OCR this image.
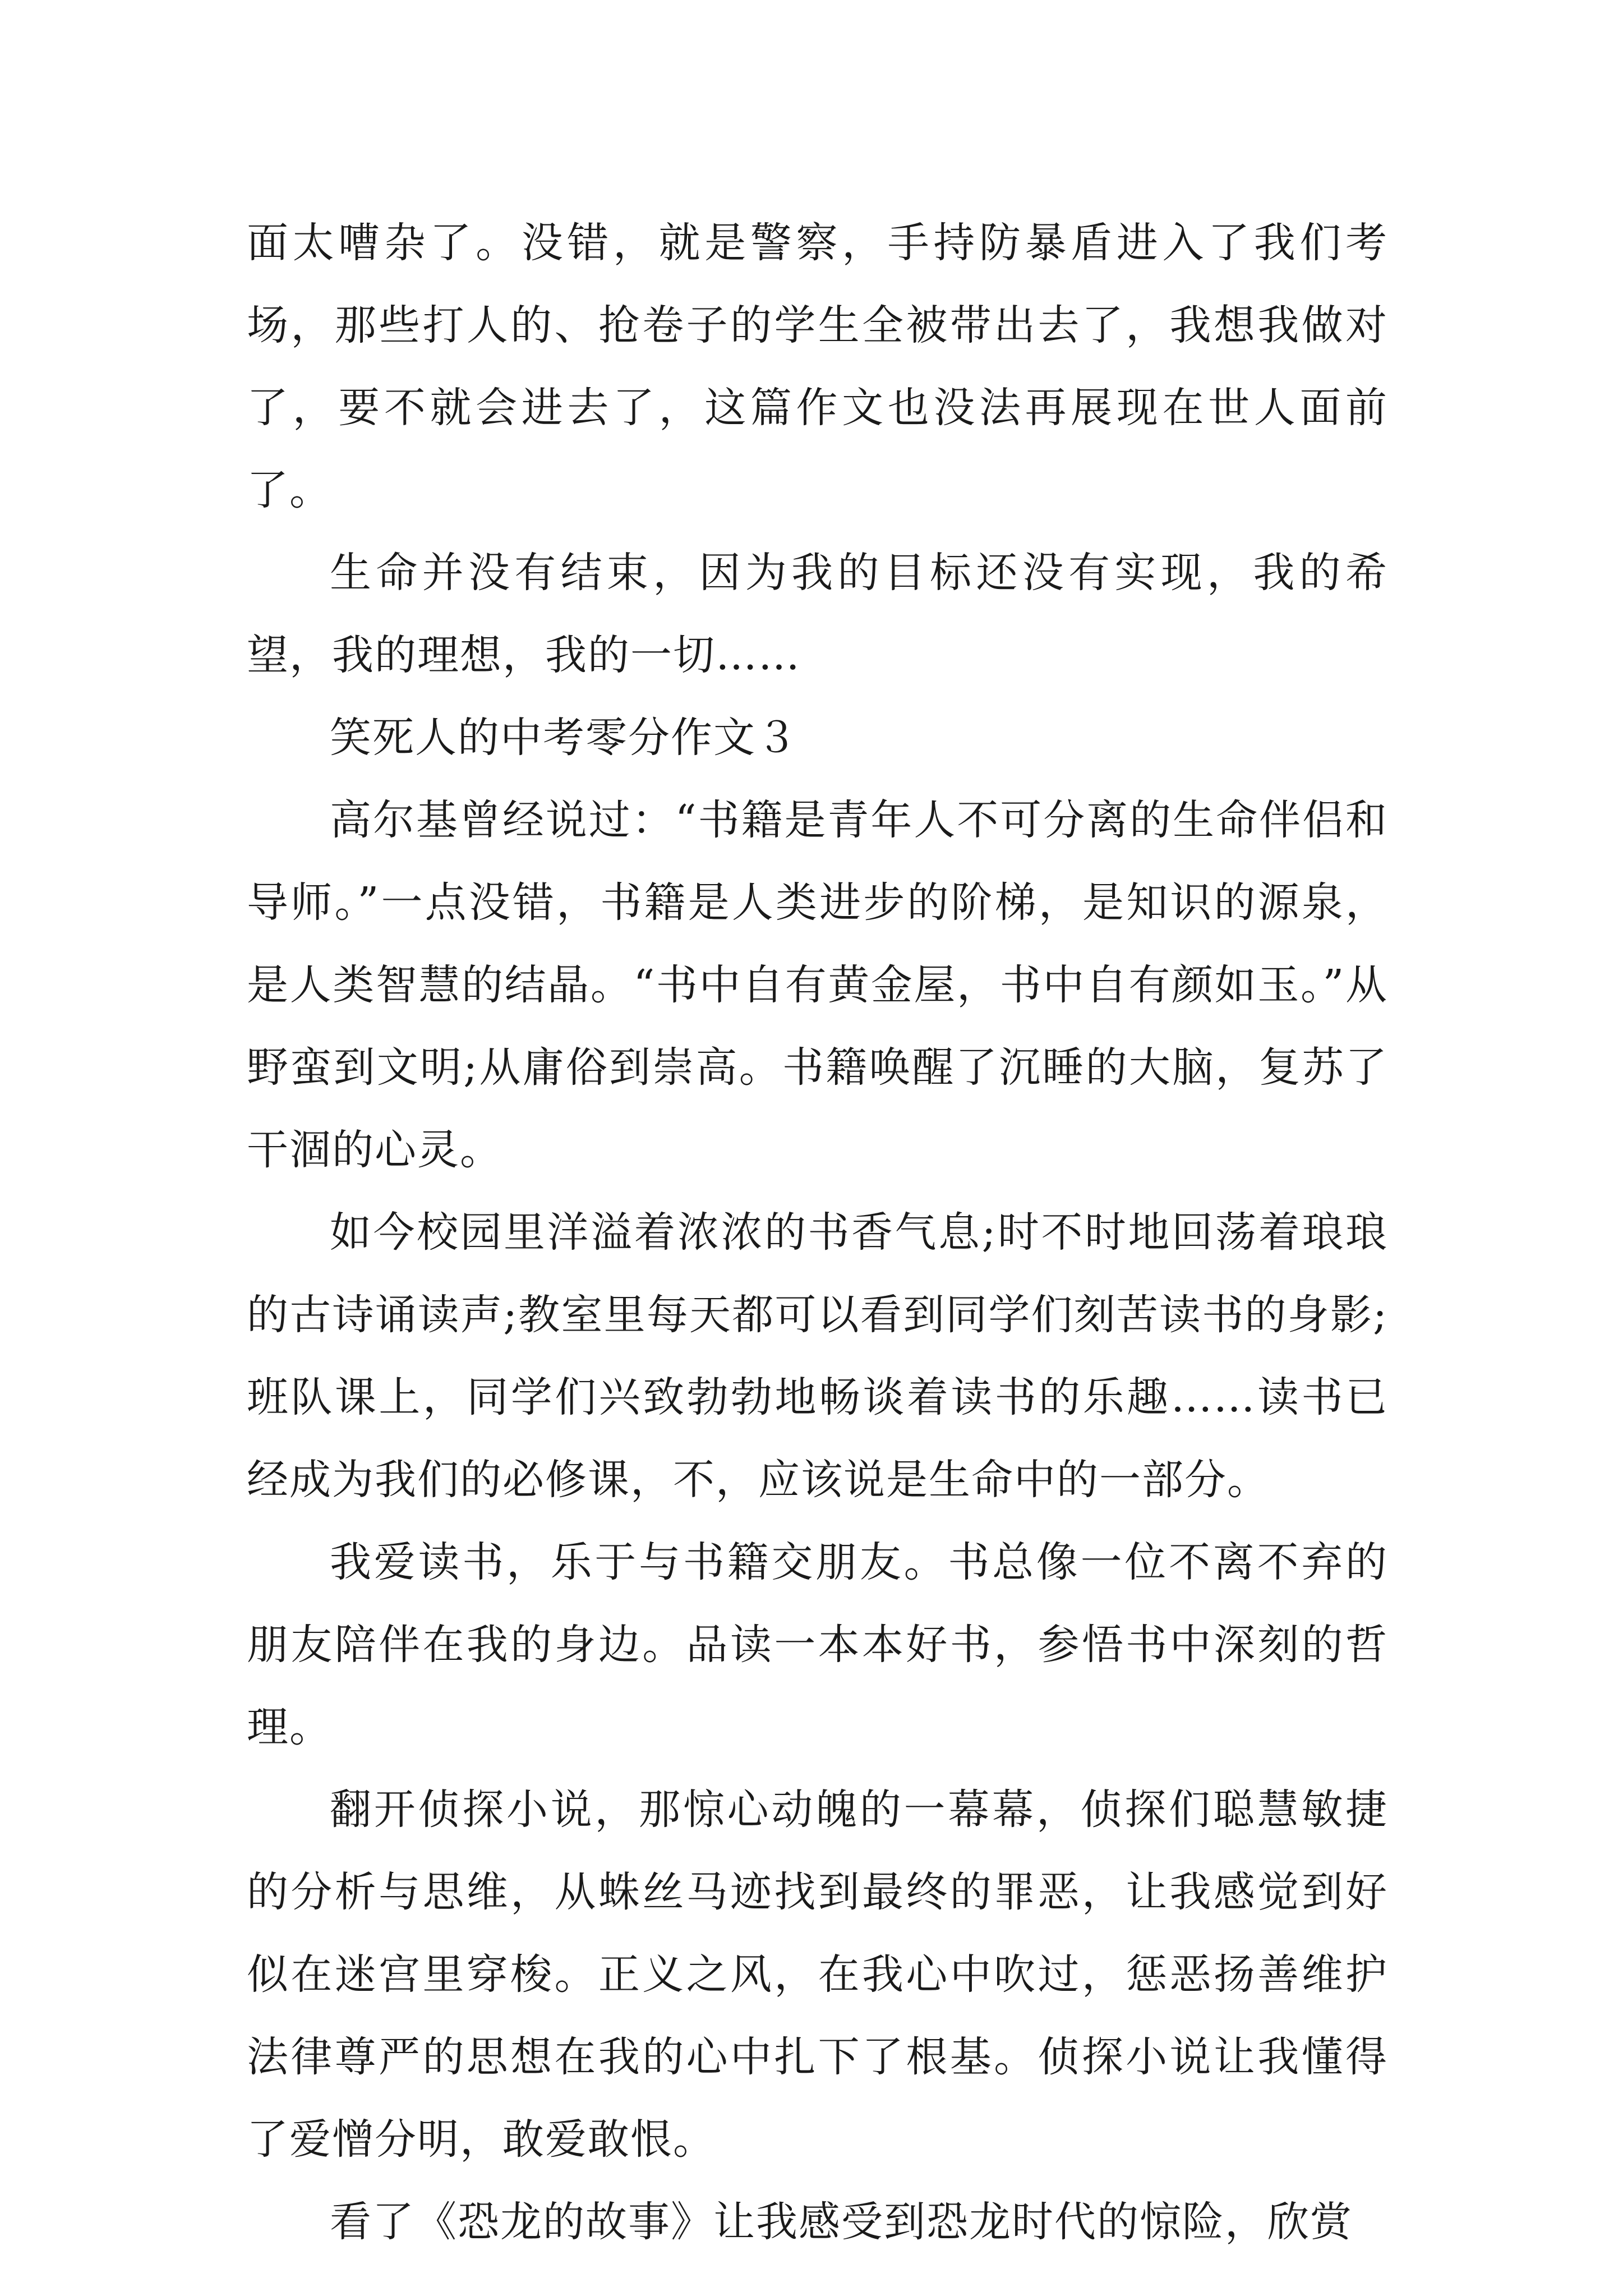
面太嘈杂了。没错，就是警察，手持防暴盾进入了我们考场，那些打人的、抢卷子的学生全被带出去了，我想我做对了，要不就会进去了，这篇作文也没法再展现在世人面前了。

生命并没有结束，因为我的目标还没有实现，我的希望，我的理想，我的一切……

笑死人的中考零分作文３

高尔基曾经说过：“书籍是青年人不可分离的生命伴侣和导师。”一点没错，书籍是人类进步的阶梯，是知识的源泉，是人类智慧的结晶。“书中自有黄金屋，书中自有颜如玉。”从野蛮到文明;从庸俗到崇高。书籍唤醒了沉睡的大脑，复苏了干涸的心灵。

如今校园里洋溢着浓浓的书香气息;时不时地回荡着琅琅的古诗诵读声;教室里每天都可以看到同学们刻苦读书的身影;班队课上，同学们兴致勃勃地畅谈着读书的乐趣……读书已经成为我们的必修课，不，应该说是生命中的一部分。

我爱读书，乐于与书籍交朋友。书总像一位不离不弃的朋友陪伴在我的身边。品读一本本好书，参悟书中深刻的哲理。

翻开侦探小说，那惊心动魄的一幕幕，侦探们聪慧敏捷的分析与思维，从蛛丝马迹找到最终的罪恶，让我感觉到好似在迷宫里穿梭。正义之风，在我心中吹过，惩恶扬善维护法律尊严的思想在我的心中扎下了根基。侦探小说让我懂得了爱憎分明，敢爱敢恨。

看了《恐龙的故事》让我感受到恐龙时代的惊险，欣赏
